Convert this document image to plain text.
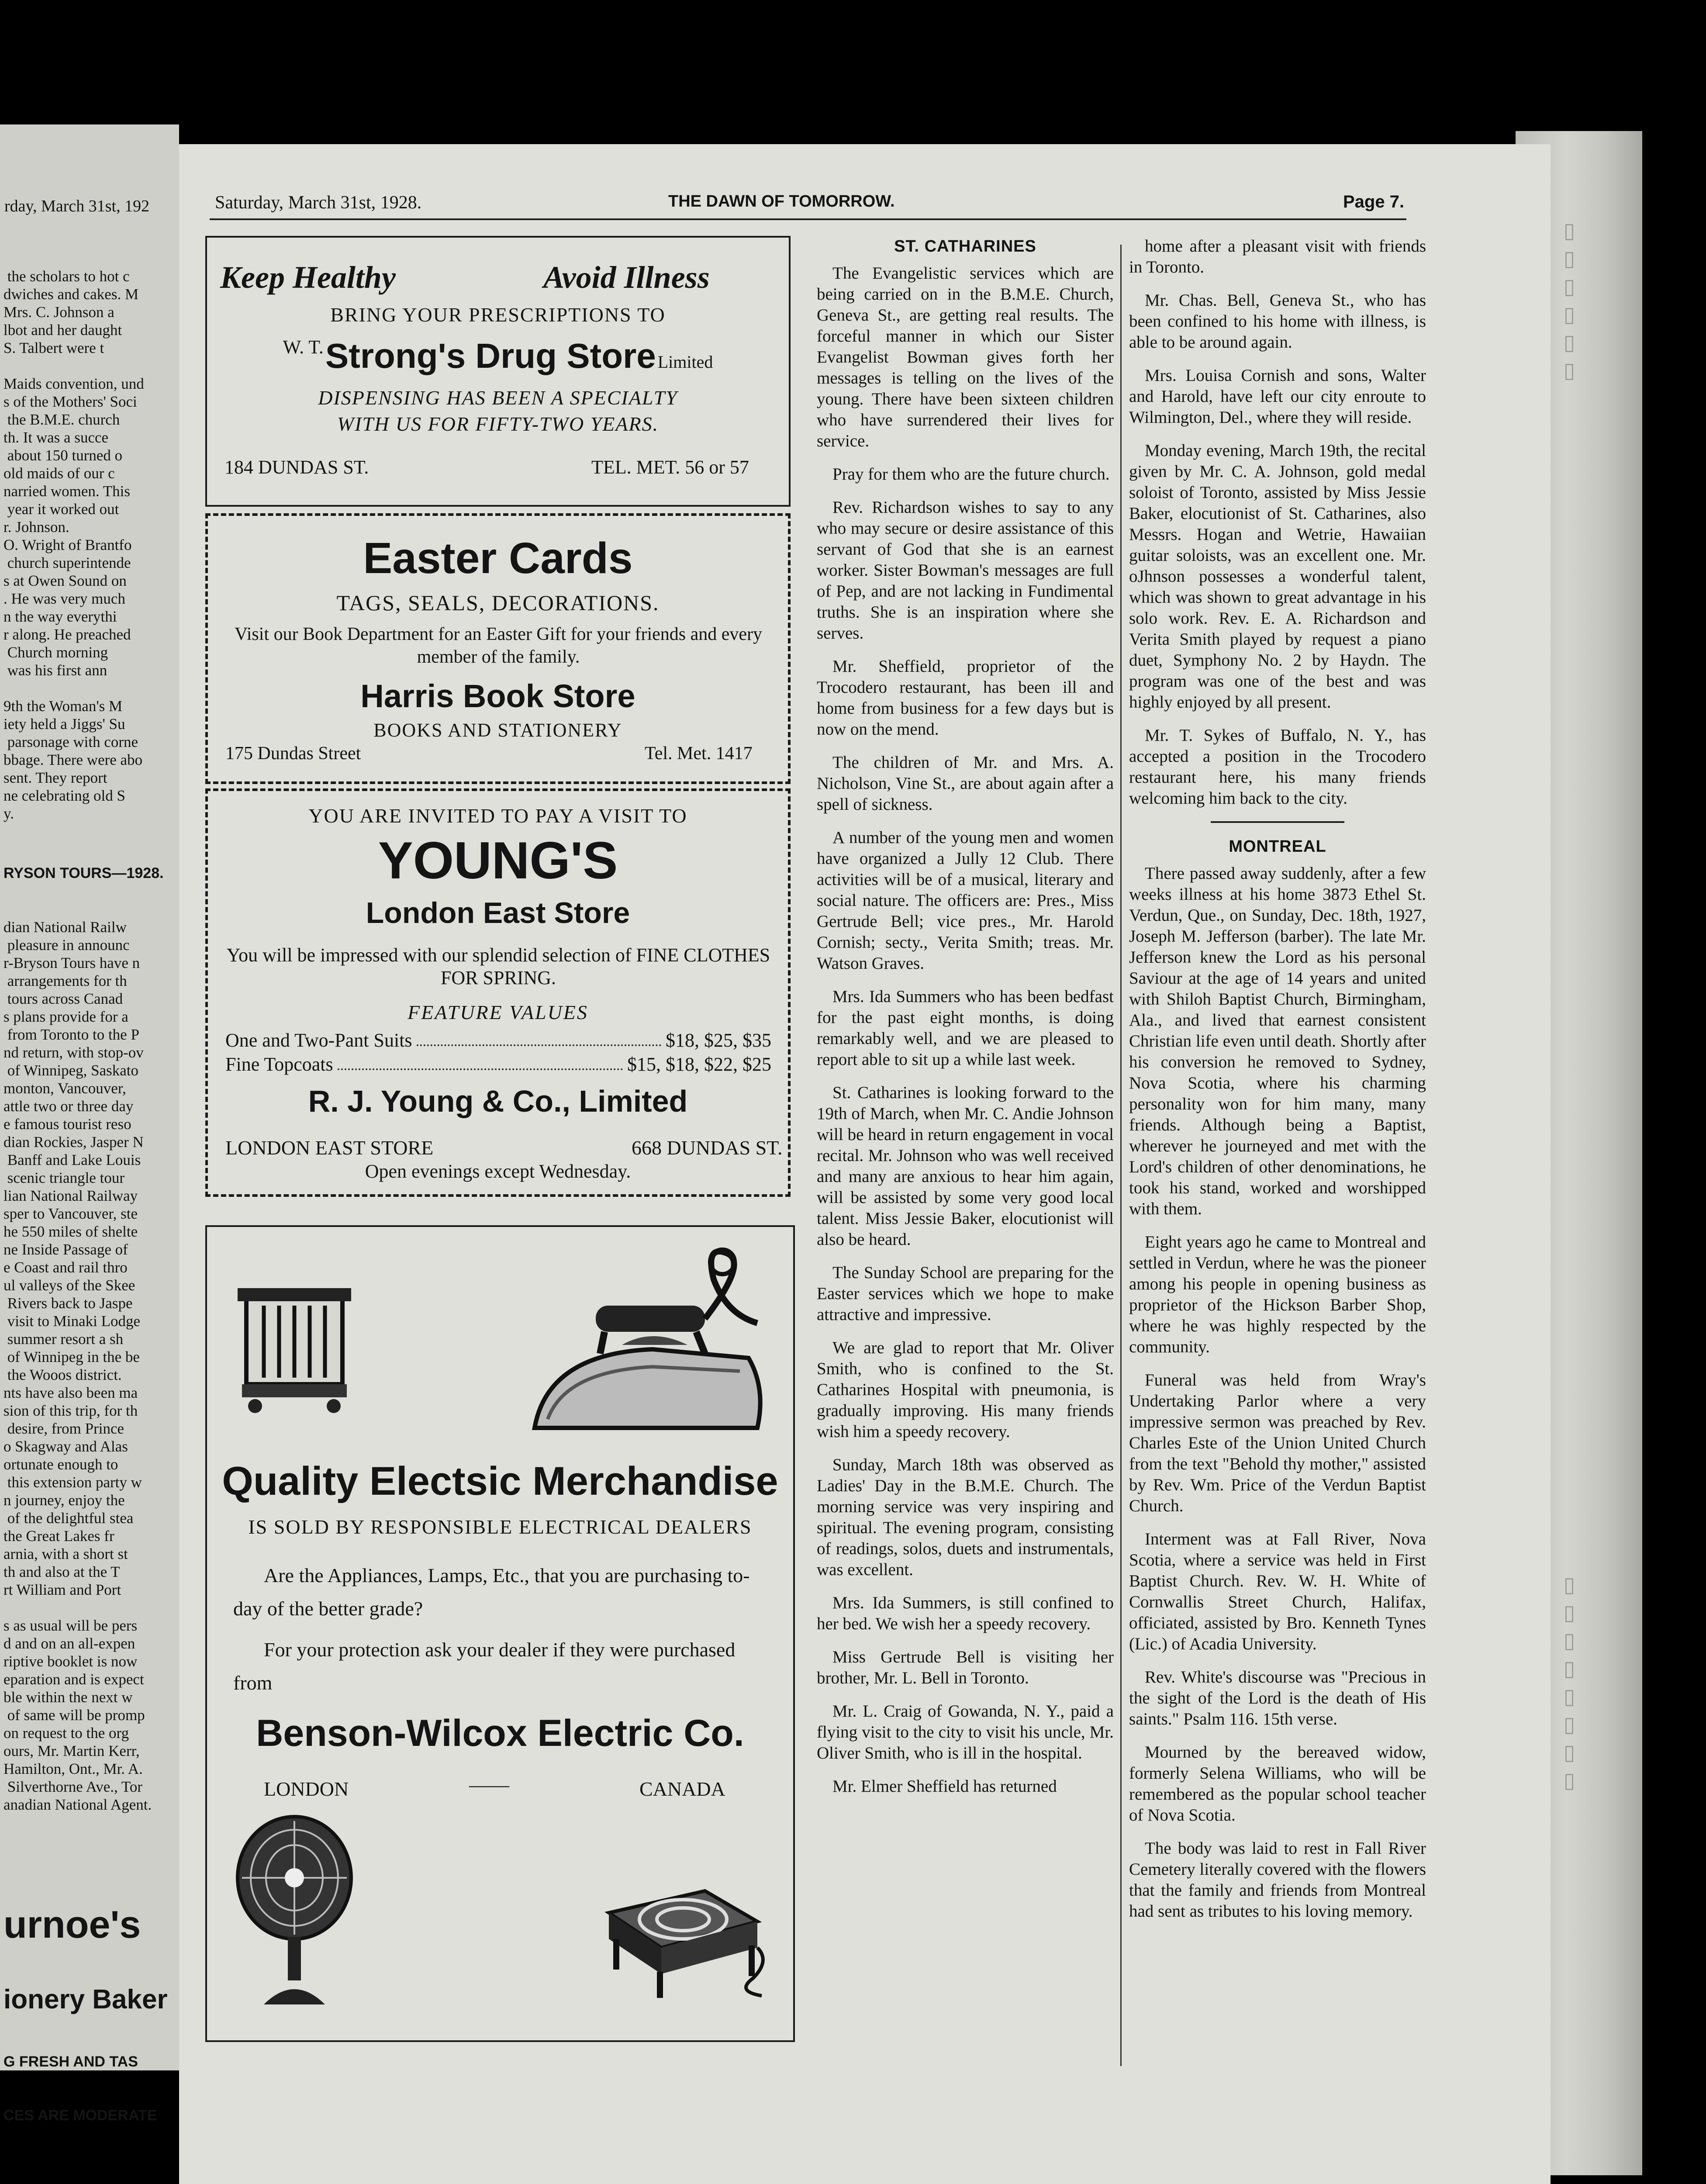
rday, March 31st, 192

the scholars to hot c
dwiches and cakes. M
Mrs. C. Johnson a
lbot and her daught
S. Talbert were t
Maids convention, und
s of the Mothers' Soci
the B.M.E. church
th. It was a succe
about 150 turned o
old maids of our c
narried women. This
year it worked out
r. Johnson.
O. Wright of Brantfo
church superintende
s at Owen Sound on
. He was very much
n the way everythi
r along. He preached
Church morning
was his first ann
9th the Woman's M
iety held a Jiggs' Su
parsonage with corne
bbage. There were abo
sent. They report
ne celebrating old S
y.

RYSON TOURS—1928.

dian National Railw
pleasure in announc
r-Bryson Tours have n
arrangements for th
tours across Canad
s plans provide for a
from Toronto to the P
nd return, with stop-ov
of Winnipeg, Saskato
monton, Vancouver,
attle two or three day
e famous tourist reso
dian Rockies, Jasper N
Banff and Lake Louis
scenic triangle tour
lian National Railway
sper to Vancouver, ste
he 550 miles of shelte
ne Inside Passage of
e Coast and rail thro
ul valleys of the Skee
Rivers back to Jaspe
visit to Minaki Lodge
summer resort a sh
of Winnipeg in the be
the Wooos district.
nts have also been ma
sion of this trip, for th
desire, from Prince
o Skagway and Alas
ortunate enough to
this extension party w
n journey, enjoy the
of the delightful stea
the Great Lakes fr
arnia, with a short st
th and also at the T
rt William and Port
s as usual will be pers
d and on an all-expen
riptive booklet is now
eparation and is expect
ble within the next w
of same will be promp
on request to the org
ours, Mr. Martin Kerr,
Hamilton, Ont., Mr. A.
Silverthorne Ave., Tor
anadian National Agent.

urnoe's

ionery Baker

G FRESH AND TAS

CES ARE MODERATE

▯▯▯▯▯▯
▯▯▯▯▯▯▯▯
Saturday, March 31st, 1928.	THE DAWN OF TOMORROW.	Page 7.
Keep Healthy	Avoid Illness
BRING YOUR PRESCRIPTIONS TO
W. T. Strong's Drug Store Limited
DISPENSING HAS BEEN A SPECIALTY
WITH US FOR FIFTY-TWO YEARS.
184 DUNDAS ST.	TEL. MET. 56 or 57
Easter Cards
TAGS, SEALS, DECORATIONS.
Visit our Book Department for an Easter Gift for your friends and every member of the family.
Harris Book Store
BOOKS AND STATIONERY
175 Dundas Street	Tel. Met. 1417
YOU ARE INVITED TO PAY A VISIT TO
YOUNG'S
London East Store
You will be impressed with our splendid selection of FINE CLOTHES FOR SPRING.
FEATURE VALUES
One and Two-Pant Suits	$18, $25, $35
Fine Topcoats	$15, $18, $22, $25
R. J. Young & Co., Limited
LONDON EAST STORE	668 DUNDAS ST.
Open evenings except Wednesday.
Quality Electsic Merchandise
IS SOLD BY RESPONSIBLE ELECTRICAL DEALERS
Are the Appliances, Lamps, Etc., that you are purchasing to-day of the better grade?
For your protection ask your dealer if they were purchased from
Benson-Wilcox Electric Co.
LONDON	——	CANADA
ST. CATHARINES

The Evangelistic services which are being carried on in the B.M.E. Church, Geneva St., are getting real results. The forceful manner in which our Sister Evangelist Bowman gives forth her messages is telling on the lives of the young. There have been sixteen children who have surrendered their lives for service.

Pray for them who are the future church.

Rev. Richardson wishes to say to any who may secure or desire assistance of this servant of God that she is an earnest worker. Sister Bowman's messages are full of Pep, and are not lacking in Fundimental truths. She is an inspiration where she serves.

Mr. Sheffield, proprietor of the Trocodero restaurant, has been ill and home from business for a few days but is now on the mend.

The children of Mr. and Mrs. A. Nicholson, Vine St., are about again after a spell of sickness.

A number of the young men and women have organized a Jully 12 Club. There activities will be of a musical, literary and social nature. The officers are: Pres., Miss Gertrude Bell; vice pres., Mr. Harold Cornish; secty., Verita Smith; treas. Mr. Watson Graves.

Mrs. Ida Summers who has been bedfast for the past eight months, is doing remarkably well, and we are pleased to report able to sit up a while last week.

St. Catharines is looking forward to the 19th of March, when Mr. C. Andie Johnson will be heard in return engagement in vocal recital. Mr. Johnson who was well received and many are anxious to hear him again, will be assisted by some very good local talent. Miss Jessie Baker, elocutionist will also be heard.

The Sunday School are preparing for the Easter services which we hope to make attractive and impressive.

We are glad to report that Mr. Oliver Smith, who is confined to the St. Catharines Hospital with pneumonia, is gradually improving. His many friends wish him a speedy recovery.

Sunday, March 18th was observed as Ladies' Day in the B.M.E. Church. The morning service was very inspiring and spiritual. The evening program, consisting of readings, solos, duets and instrumentals, was excellent.

Mrs. Ida Summers, is still confined to her bed. We wish her a speedy recovery.

Miss Gertrude Bell is visiting her brother, Mr. L. Bell in Toronto.

Mr. L. Craig of Gowanda, N. Y., paid a flying visit to the city to visit his uncle, Mr. Oliver Smith, who is ill in the hospital.

Mr. Elmer Sheffield has returned

home after a pleasant visit with friends in Toronto.

Mr. Chas. Bell, Geneva St., who has been confined to his home with illness, is able to be around again.

Mrs. Louisa Cornish and sons, Walter and Harold, have left our city enroute to Wilmington, Del., where they will reside.

Monday evening, March 19th, the recital given by Mr. C. A. Johnson, gold medal soloist of Toronto, assisted by Miss Jessie Baker, elocutionist of St. Catharines, also Messrs. Hogan and Wetrie, Hawaiian guitar soloists, was an excellent one. Mr. oJhnson possesses a wonderful talent, which was shown to great advantage in his solo work. Rev. E. A. Richardson and Verita Smith played by request a piano duet, Symphony No. 2 by Haydn. The program was one of the best and was highly enjoyed by all present.

Mr. T. Sykes of Buffalo, N. Y., has accepted a position in the Trocodero restaurant here, his many friends welcoming him back to the city.

MONTREAL

There passed away suddenly, after a few weeks illness at his home 3873 Ethel St. Verdun, Que., on Sunday, Dec. 18th, 1927, Joseph M. Jefferson (barber). The late Mr. Jefferson knew the Lord as his personal Saviour at the age of 14 years and united with Shiloh Baptist Church, Birmingham, Ala., and lived that earnest consistent Christian life even until death. Shortly after his conversion he removed to Sydney, Nova Scotia, where his charming personality won for him many, many friends. Although being a Baptist, wherever he journeyed and met with the Lord's children of other denominations, he took his stand, worked and worshipped with them.

Eight years ago he came to Montreal and settled in Verdun, where he was the pioneer among his people in opening business as proprietor of the Hickson Barber Shop, where he was highly respected by the community.

Funeral was held from Wray's Undertaking Parlor where a very impressive sermon was preached by Rev. Charles Este of the Union United Church from the text "Behold thy mother," assisted by Rev. Wm. Price of the Verdun Baptist Church.

Interment was at Fall River, Nova Scotia, where a service was held in First Baptist Church. Rev. W. H. White of Cornwallis Street Church, Halifax, officiated, assisted by Bro. Kenneth Tynes (Lic.) of Acadia University.

Rev. White's discourse was "Precious in the sight of the Lord is the death of His saints." Psalm 116. 15th verse.

Mourned by the bereaved widow, formerly Selena Williams, who will be remembered as the popular school teacher of Nova Scotia.

The body was laid to rest in Fall River Cemetery literally covered with the flowers that the family and friends from Montreal had sent as tributes to his loving memory.
